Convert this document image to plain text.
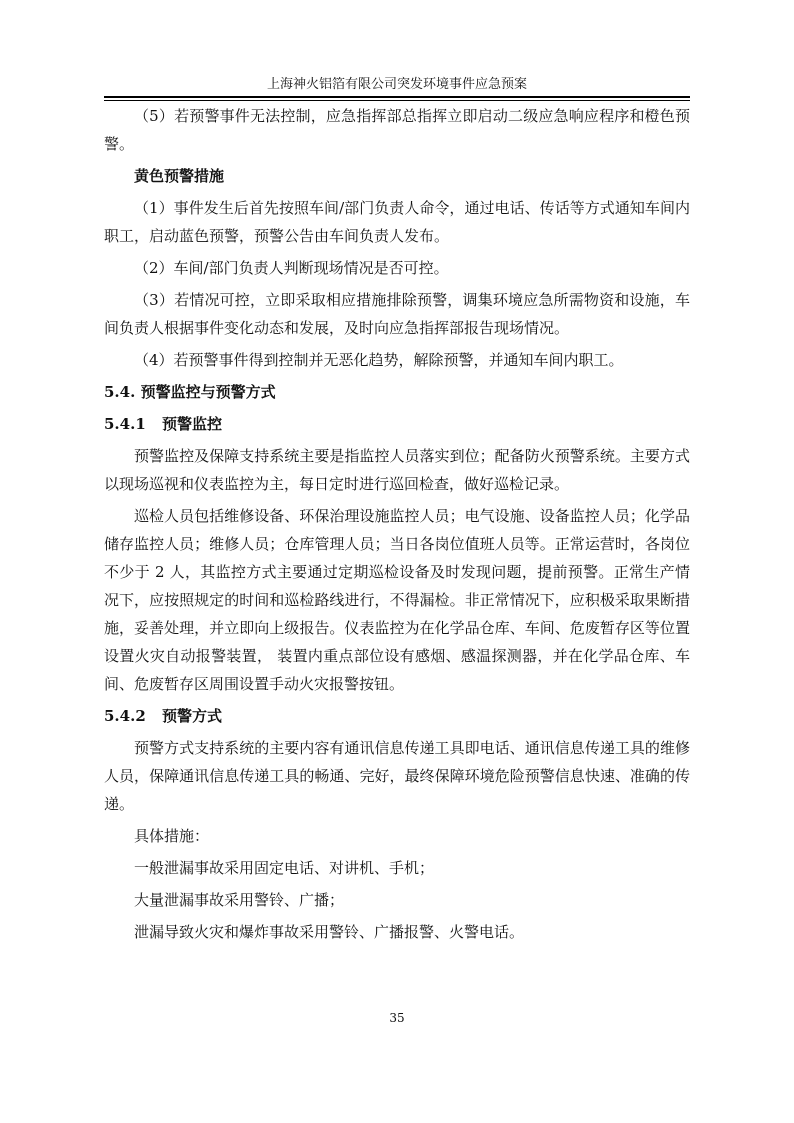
上海神火铝箔有限公司突发环境事件应急预案

（5）若预警事件无法控制，应急指挥部总指挥立即启动二级应急响应程序和橙色预警。

黄色预警措施

（1）事件发生后首先按照车间/部门负责人命令，通过电话、传话等方式通知车间内职工，启动蓝色预警，预警公告由车间负责人发布。

（2）车间/部门负责人判断现场情况是否可控。

（3）若情况可控，立即采取相应措施排除预警，调集环境应急所需物资和设施，车间负责人根据事件变化动态和发展，及时向应急指挥部报告现场情况。

（4）若预警事件得到控制并无恶化趋势，解除预警，并通知车间内职工。

5.4. 预警监控与预警方式

5.4.1 预警监控

预警监控及保障支持系统主要是指监控人员落实到位；配备防火预警系统。主要方式以现场巡视和仪表监控为主，每日定时进行巡回检查，做好巡检记录。

巡检人员包括维修设备、环保治理设施监控人员；电气设施、设备监控人员；化学品储存监控人员；维修人员；仓库管理人员；当日各岗位值班人员等。正常运营时，各岗位不少于 2 人，其监控方式主要通过定期巡检设备及时发现问题，提前预警。正常生产情况下，应按照规定的时间和巡检路线进行，不得漏检。非正常情况下，应积极采取果断措施，妥善处理，并立即向上级报告。仪表监控为在化学品仓库、车间、危废暂存区等位置设置火灾自动报警装置， 装置内重点部位设有感烟、感温探测器，并在化学品仓库、车间、危废暂存区周围设置手动火灾报警按钮。

5.4.2 预警方式

预警方式支持系统的主要内容有通讯信息传递工具即电话、通讯信息传递工具的维修人员，保障通讯信息传递工具的畅通、完好，最终保障环境危险预警信息快速、准确的传递。

具体措施：

一般泄漏事故采用固定电话、对讲机、手机；

大量泄漏事故采用警铃、广播；

泄漏导致火灾和爆炸事故采用警铃、广播报警、火警电话。

35
